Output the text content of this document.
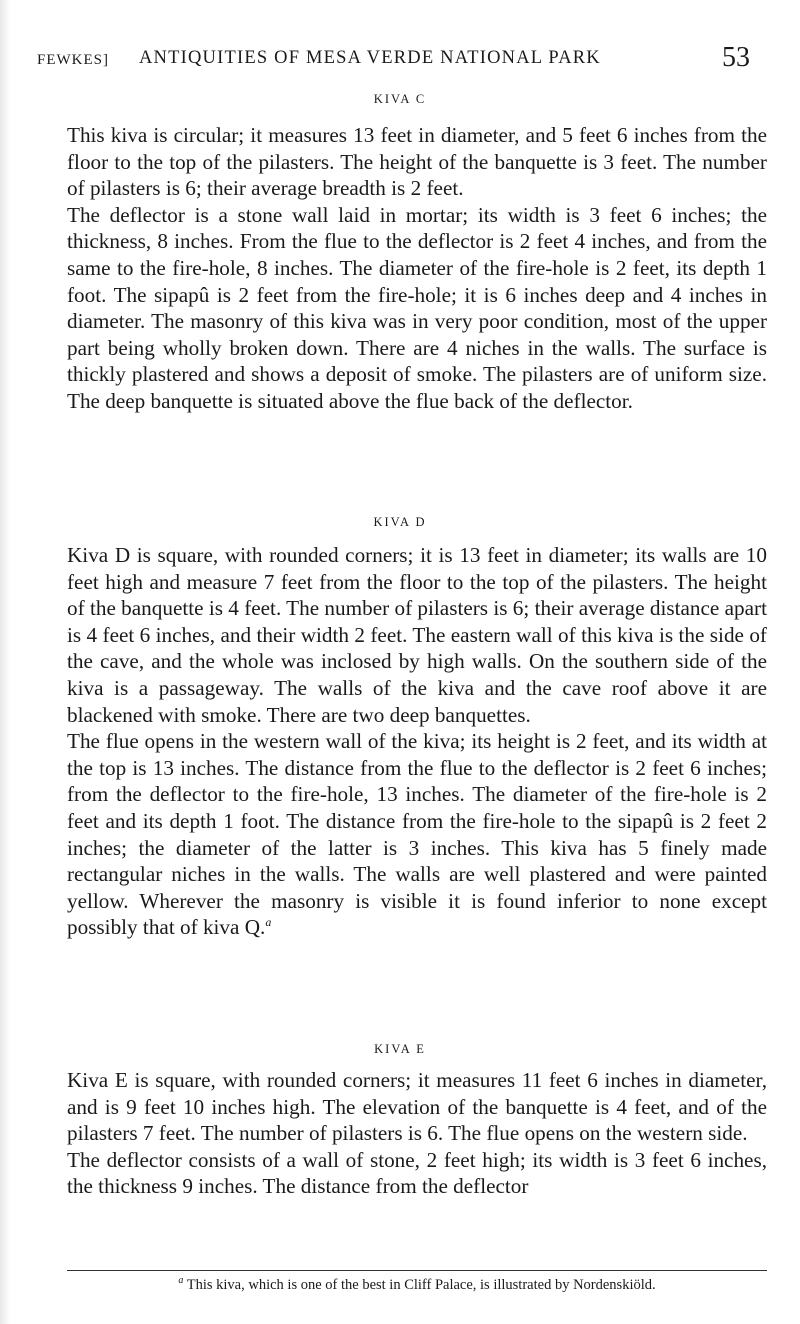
FEWKES] ANTIQUITIES OF MESA VERDE NATIONAL PARK	53
KIVA C

This kiva is circular; it measures 13 feet in diameter, and 5 feet 6 inches from the floor to the top of the pilasters. The height of the banquette is 3 feet. The number of pilasters is 6; their average breadth is 2 feet.

The deflector is a stone wall laid in mortar; its width is 3 feet 6 inches; the thickness, 8 inches. From the flue to the deflector is 2 feet 4 inches, and from the same to the fire-hole, 8 inches. The diameter of the fire-hole is 2 feet, its depth 1 foot. The sipapû is 2 feet from the fire-hole; it is 6 inches deep and 4 inches in diameter. The masonry of this kiva was in very poor condition, most of the upper part being wholly broken down. There are 4 niches in the walls. The surface is thickly plastered and shows a deposit of smoke. The pilasters are of uniform size. The deep banquette is situated above the flue back of the deflector.

KIVA D

Kiva D is square, with rounded corners; it is 13 feet in diameter; its walls are 10 feet high and measure 7 feet from the floor to the top of the pilasters. The height of the banquette is 4 feet. The number of pilasters is 6; their average distance apart is 4 feet 6 inches, and their width 2 feet. The eastern wall of this kiva is the side of the cave, and the whole was inclosed by high walls. On the southern side of the kiva is a passageway. The walls of the kiva and the cave roof above it are blackened with smoke. There are two deep banquettes.

The flue opens in the western wall of the kiva; its height is 2 feet, and its width at the top is 13 inches. The distance from the flue to the deflector is 2 feet 6 inches; from the deflector to the fire-hole, 13 inches. The diameter of the fire-hole is 2 feet and its depth 1 foot. The distance from the fire-hole to the sipapû is 2 feet 2 inches; the diameter of the latter is 3 inches. This kiva has 5 finely made rectangular niches in the walls. The walls are well plastered and were painted yellow. Wherever the masonry is visible it is found inferior to none except possibly that of kiva Q.$^a$

KIVA E

Kiva E is square, with rounded corners; it measures 11 feet 6 inches in diameter, and is 9 feet 10 inches high. The elevation of the banquette is 4 feet, and of the pilasters 7 feet. The number of pilasters is 6. The flue opens on the western side.

The deflector consists of a wall of stone, 2 feet high; its width is 3 feet 6 inches, the thickness 9 inches. The distance from the deflector

$^a$ This kiva, which is one of the best in Cliff Palace, is illustrated by Nordenskiöld.
